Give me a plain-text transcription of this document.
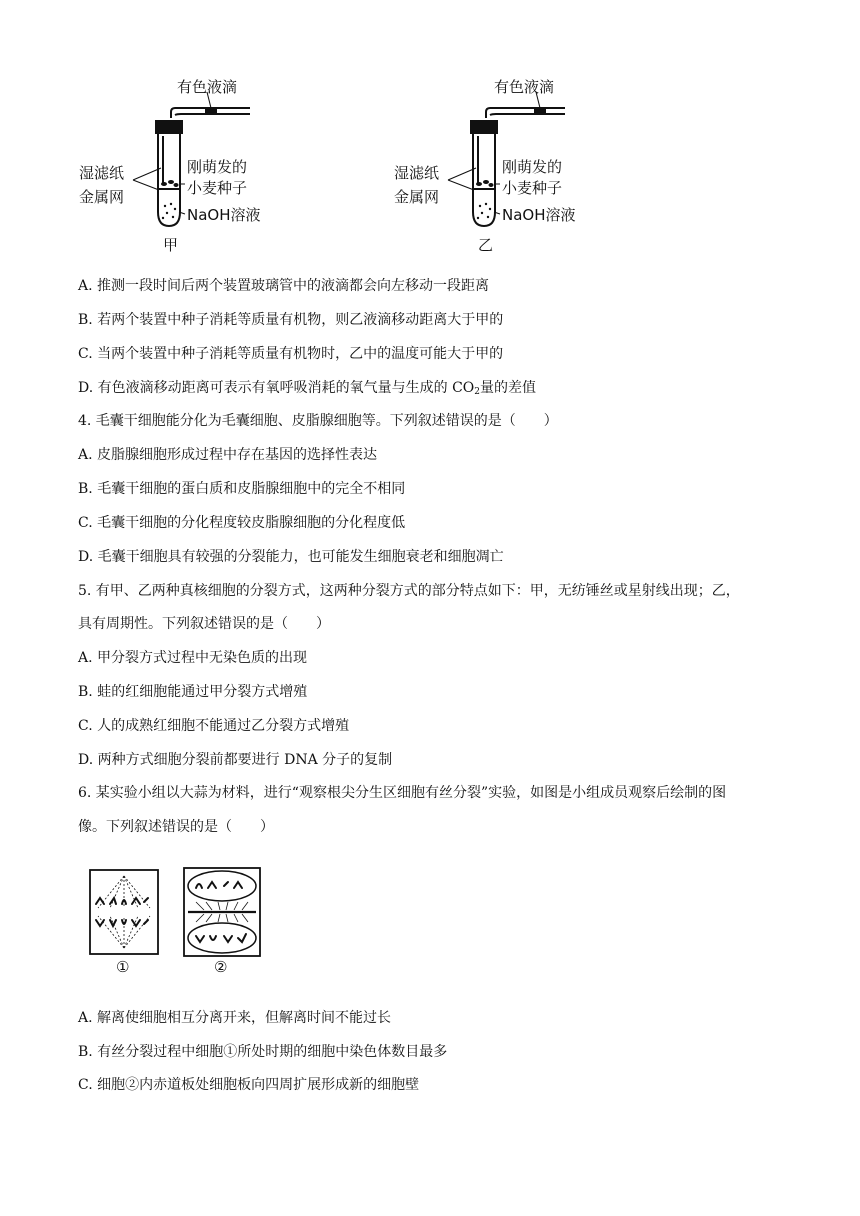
有色液滴
湿滤纸
金属网
刚萌发的
小麦种子
NaOH溶液
甲
有色液滴
湿滤纸
金属网
刚萌发的
小麦种子
NaOH溶液
乙
A. 推测一段时间后两个装置玻璃管中的液滴都会向左移动一段距离
B. 若两个装置中种子消耗等质量有机物，则乙液滴移动距离大于甲的
C. 当两个装置中种子消耗等质量有机物时，乙中的温度可能大于甲的
D. 有色液滴移动距离可表示有氧呼吸消耗的氧气量与生成的 $CO_2$量的差值
4. 毛囊干细胞能分化为毛囊细胞、皮脂腺细胞等。下列叙述错误的是（　　）
A. 皮脂腺细胞形成过程中存在基因的选择性表达
B. 毛囊干细胞的蛋白质和皮脂腺细胞中的完全不相同
C. 毛囊干细胞的分化程度较皮脂腺细胞的分化程度低
D. 毛囊干细胞具有较强的分裂能力，也可能发生细胞衰老和细胞凋亡
5. 有甲、乙两种真核细胞的分裂方式，这两种分裂方式的部分特点如下：甲，无纺锤丝或星射线出现；乙，
具有周期性。下列叙述错误的是（　　）
A. 甲分裂方式过程中无染色质的出现
B. 蛙的红细胞能通过甲分裂方式增殖
C. 人的成熟红细胞不能通过乙分裂方式增殖
D. 两种方式细胞分裂前都要进行 DNA 分子的复制
6. 某实验小组以大蒜为材料，进行“观察根尖分生区细胞有丝分裂”实验，如图是小组成员观察后绘制的图
像。下列叙述错误的是（　　）
①	②
A. 解离使细胞相互分离开来，但解离时间不能过长
B. 有丝分裂过程中细胞①所处时期的细胞中染色体数目最多
C. 细胞②内赤道板处细胞板向四周扩展形成新的细胞壁
